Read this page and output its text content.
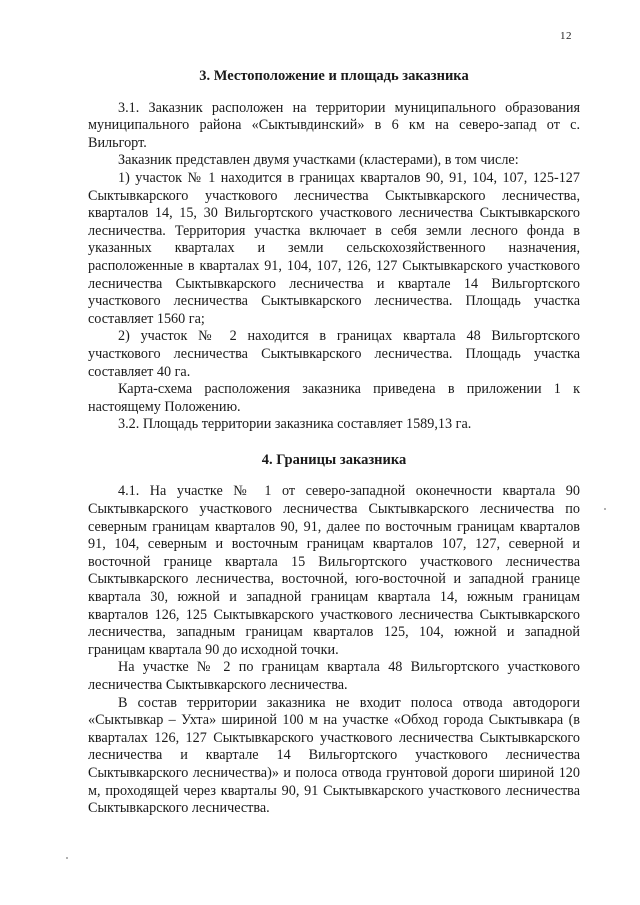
12
3. Местоположение и площадь заказника

3.1. Заказник расположен на территории муниципального образования муниципального района «Сыктывдинский» в 6 км на северо-запад от с. Вильгорт.

Заказник представлен двумя участками (кластерами), в том числе:

1) участок № 1 находится в границах кварталов 90, 91, 104, 107, 125-127 Сыктывкарского участкового лесничества Сыктывкарского лесничества, кварталов 14, 15, 30 Вильгортского участкового лесничества Сыктывкарского лесничества. Территория участка включает в себя земли лесного фонда в указанных кварталах и земли сельскохозяйственного назначения, расположенные в кварталах 91, 104, 107, 126, 127 Сыктывкарского участкового лесничества Сыктывкарского лесничества и квартале 14 Вильгортского участкового лесничества Сыктывкарского лесничества. Площадь участка составляет 1560 га;

2) участок № 2 находится в границах квартала 48 Вильгортского участкового лесничества Сыктывкарского лесничества. Площадь участка составляет 40 га.

Карта-схема расположения заказника приведена в приложении 1 к настоящему Положению.

3.2. Площадь территории заказника составляет 1589,13 га.

4. Границы заказника

4.1. На участке № 1 от северо-западной оконечности квартала 90 Сыктывкарского участкового лесничества Сыктывкарского лесничества по северным границам кварталов 90, 91, далее по восточным границам кварталов 91, 104, северным и восточным границам кварталов 107, 127, северной и восточной границе квартала 15 Вильгортского участкового лесничества Сыктывкарского лесничества, восточной, юго-восточной и западной границе квартала 30, южной и западной границам квартала 14, южным границам кварталов 126, 125 Сыктывкарского участкового лесничества Сыктывкарского лесничества, западным границам кварталов 125, 104, южной и западной границам квартала 90 до исходной точки.

На участке № 2 по границам квартала 48 Вильгортского участкового лесничества Сыктывкарского лесничества.

В состав территории заказника не входит полоса отвода автодороги «Сыктывкар – Ухта» шириной 100 м на участке «Обход города Сыктывкара (в кварталах 126, 127 Сыктывкарского участкового лесничества Сыктывкарского лесничества и квартале 14 Вильгортского участкового лесничества Сыктывкарского лесничества)» и полоса отвода грунтовой дороги шириной 120 м, проходящей через кварталы 90, 91 Сыктывкарского участкового лесничества Сыктывкарского лесничества.
